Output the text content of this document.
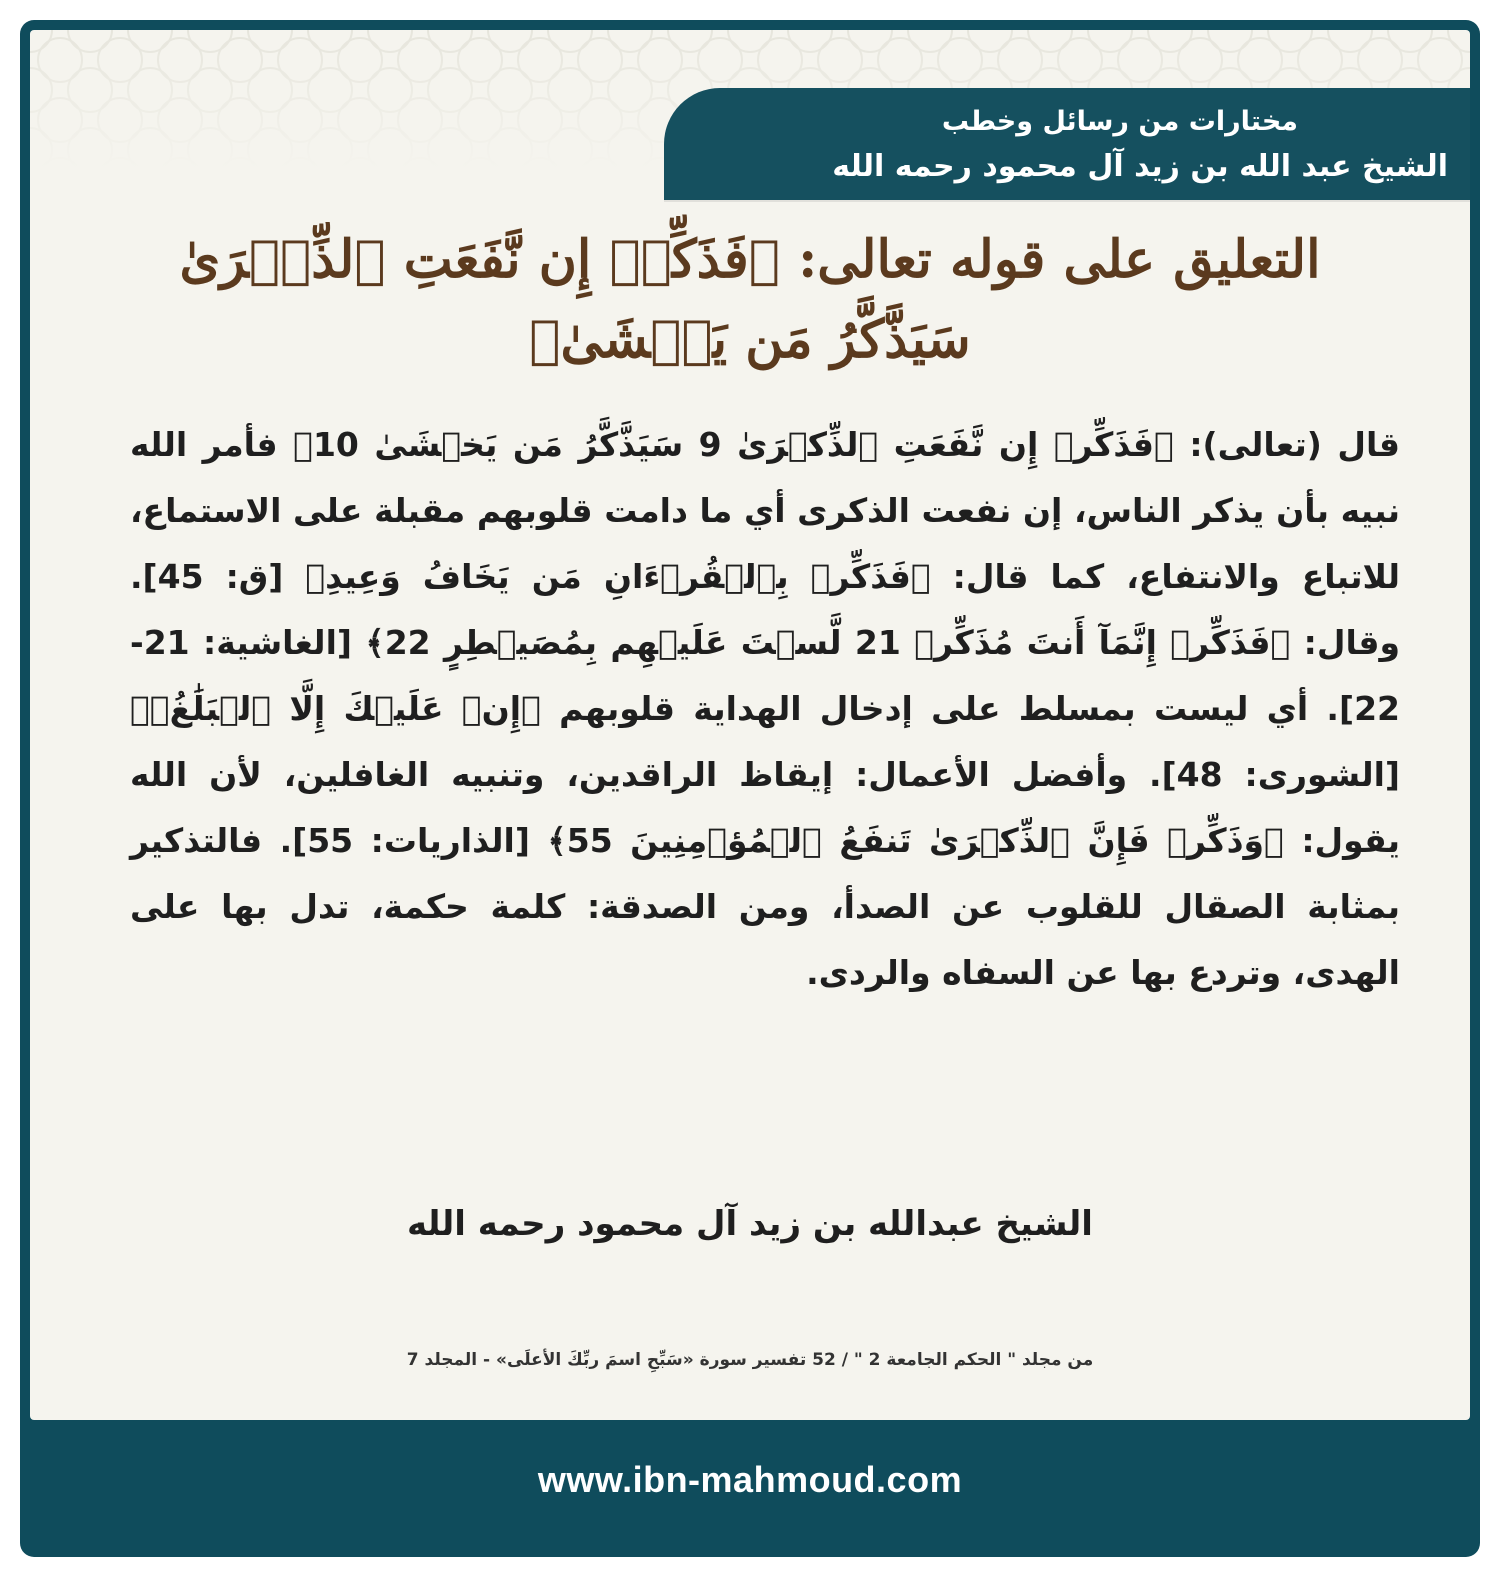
مختارات من رسائل وخطب
الشيخ عبد الله بن زيد آل محمود رحمه الله
التعليق على قوله تعالى: ﴿فَذَكِّرۡ إِن نَّفَعَتِ ٱلذِّكۡرَىٰ سَيَذَّكَّرُ مَن يَخۡشَىٰ﴾
قال (تعالى): ﴿فَذَكِّرۡ إِن نَّفَعَتِ ٱلذِّكۡرَىٰ 9 سَيَذَّكَّرُ مَن يَخۡشَىٰ 10﴾ فأمر الله نبيه بأن يذكر الناس، إن نفعت الذكرى أي ما دامت قلوبهم مقبلة على الاستماع، للاتباع والانتفاع، كما قال: ﴿فَذَكِّرۡ بِٱلۡقُرۡءَانِ مَن يَخَافُ وَعِيدِ﴾ [ق: 45]. وقال: ﴿فَذَكِّرۡ إِنَّمَآ أَنتَ مُذَكِّرٞ 21 لَّسۡتَ عَلَيۡهِم بِمُصَيۡطِرٍ 22﴾ [الغاشية: 21-22]. أي ليست بمسلط على إدخال الهداية قلوبهم ﴿إِنۡ عَلَيۡكَ إِلَّا ٱلۡبَلَٰغُۗ﴾ [الشورى: 48]. وأفضل الأعمال: إيقاظ الراقدين، وتنبيه الغافلين، لأن الله يقول: ﴿وَذَكِّرۡ فَإِنَّ ٱلذِّكۡرَىٰ تَنفَعُ ٱلۡمُؤۡمِنِينَ 55﴾ [الذاريات: 55]. فالتذكير بمثابة الصقال للقلوب عن الصدأ، ومن الصدقة: كلمة حكمة، تدل بها على الهدى، وتردع بها عن السفاه والردى.
الشيخ عبدالله بن زيد آل محمود رحمه الله
من مجلد " الحكم الجامعة 2 " / 52 تفسير سورة «سَبِّحِ اسمَ ربِّكَ الأعلَى» - المجلد 7
www.ibn-mahmoud.com
